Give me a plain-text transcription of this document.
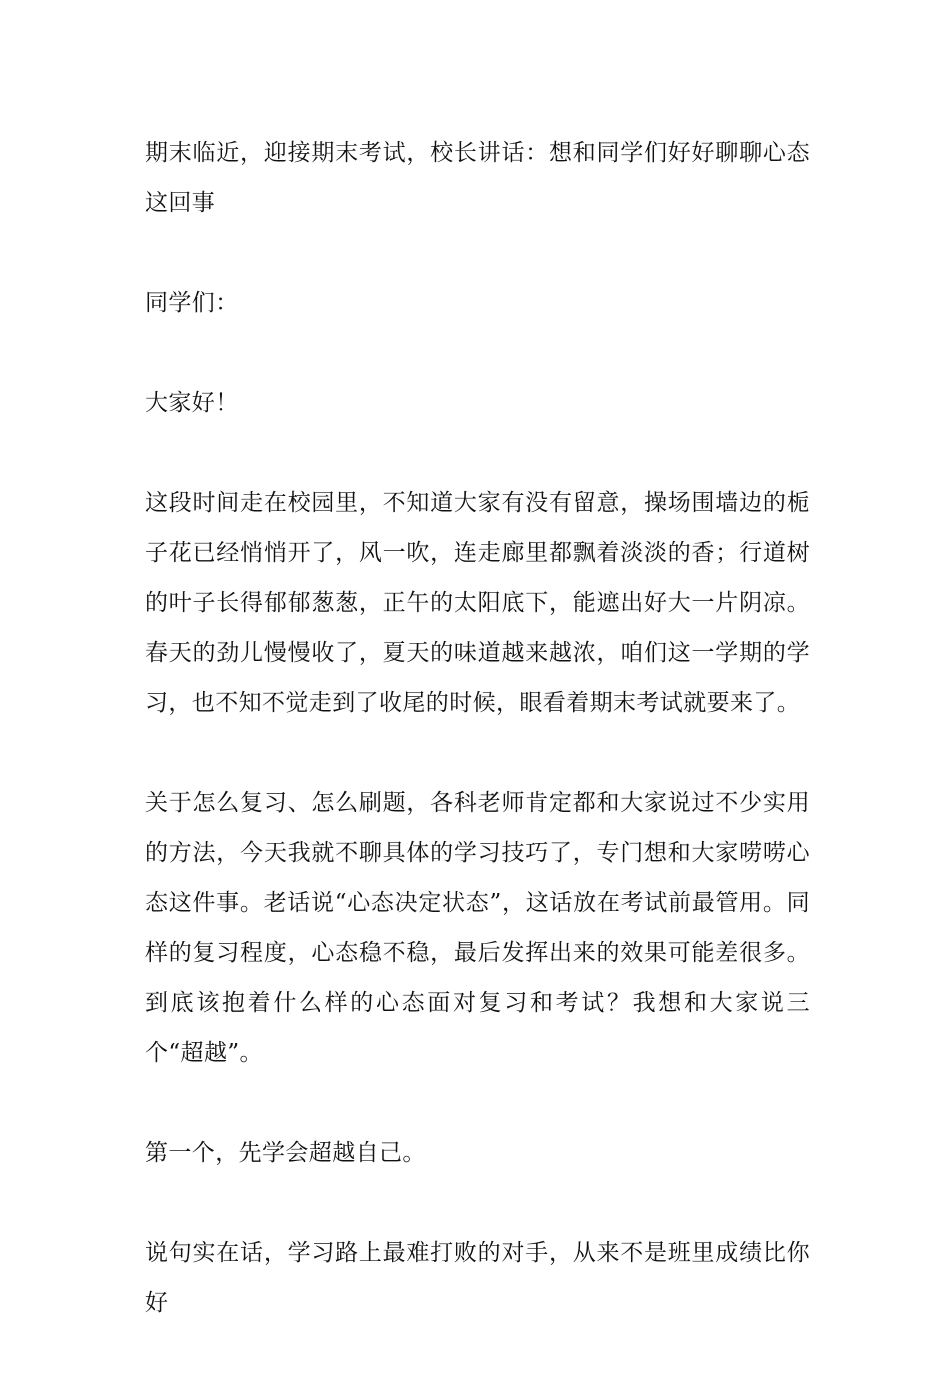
期末临近，迎接期末考试，校长讲话：想和同学们好好聊聊心态这回事

同学们：

大家好！

这段时间走在校园里，不知道大家有没有留意，操场围墙边的栀子花已经悄悄开了，风一吹，连走廊里都飘着淡淡的香；行道树的叶子长得郁郁葱葱，正午的太阳底下，能遮出好大一片阴凉。春天的劲儿慢慢收了，夏天的味道越来越浓，咱们这一学期的学习，也不知不觉走到了收尾的时候，眼看着期末考试就要来了。

关于怎么复习、怎么刷题，各科老师肯定都和大家说过不少实用的方法，今天我就不聊具体的学习技巧了，专门想和大家唠唠心态这件事。老话说“心态决定状态”，这话放在考试前最管用。同样的复习程度，心态稳不稳，最后发挥出来的效果可能差很多。到底该抱着什么样的心态面对复习和考试？我想和大家说三个“超越”。

第一个，先学会超越自己。

说句实在话，学习路上最难打败的对手，从来不是班里成绩比你好
